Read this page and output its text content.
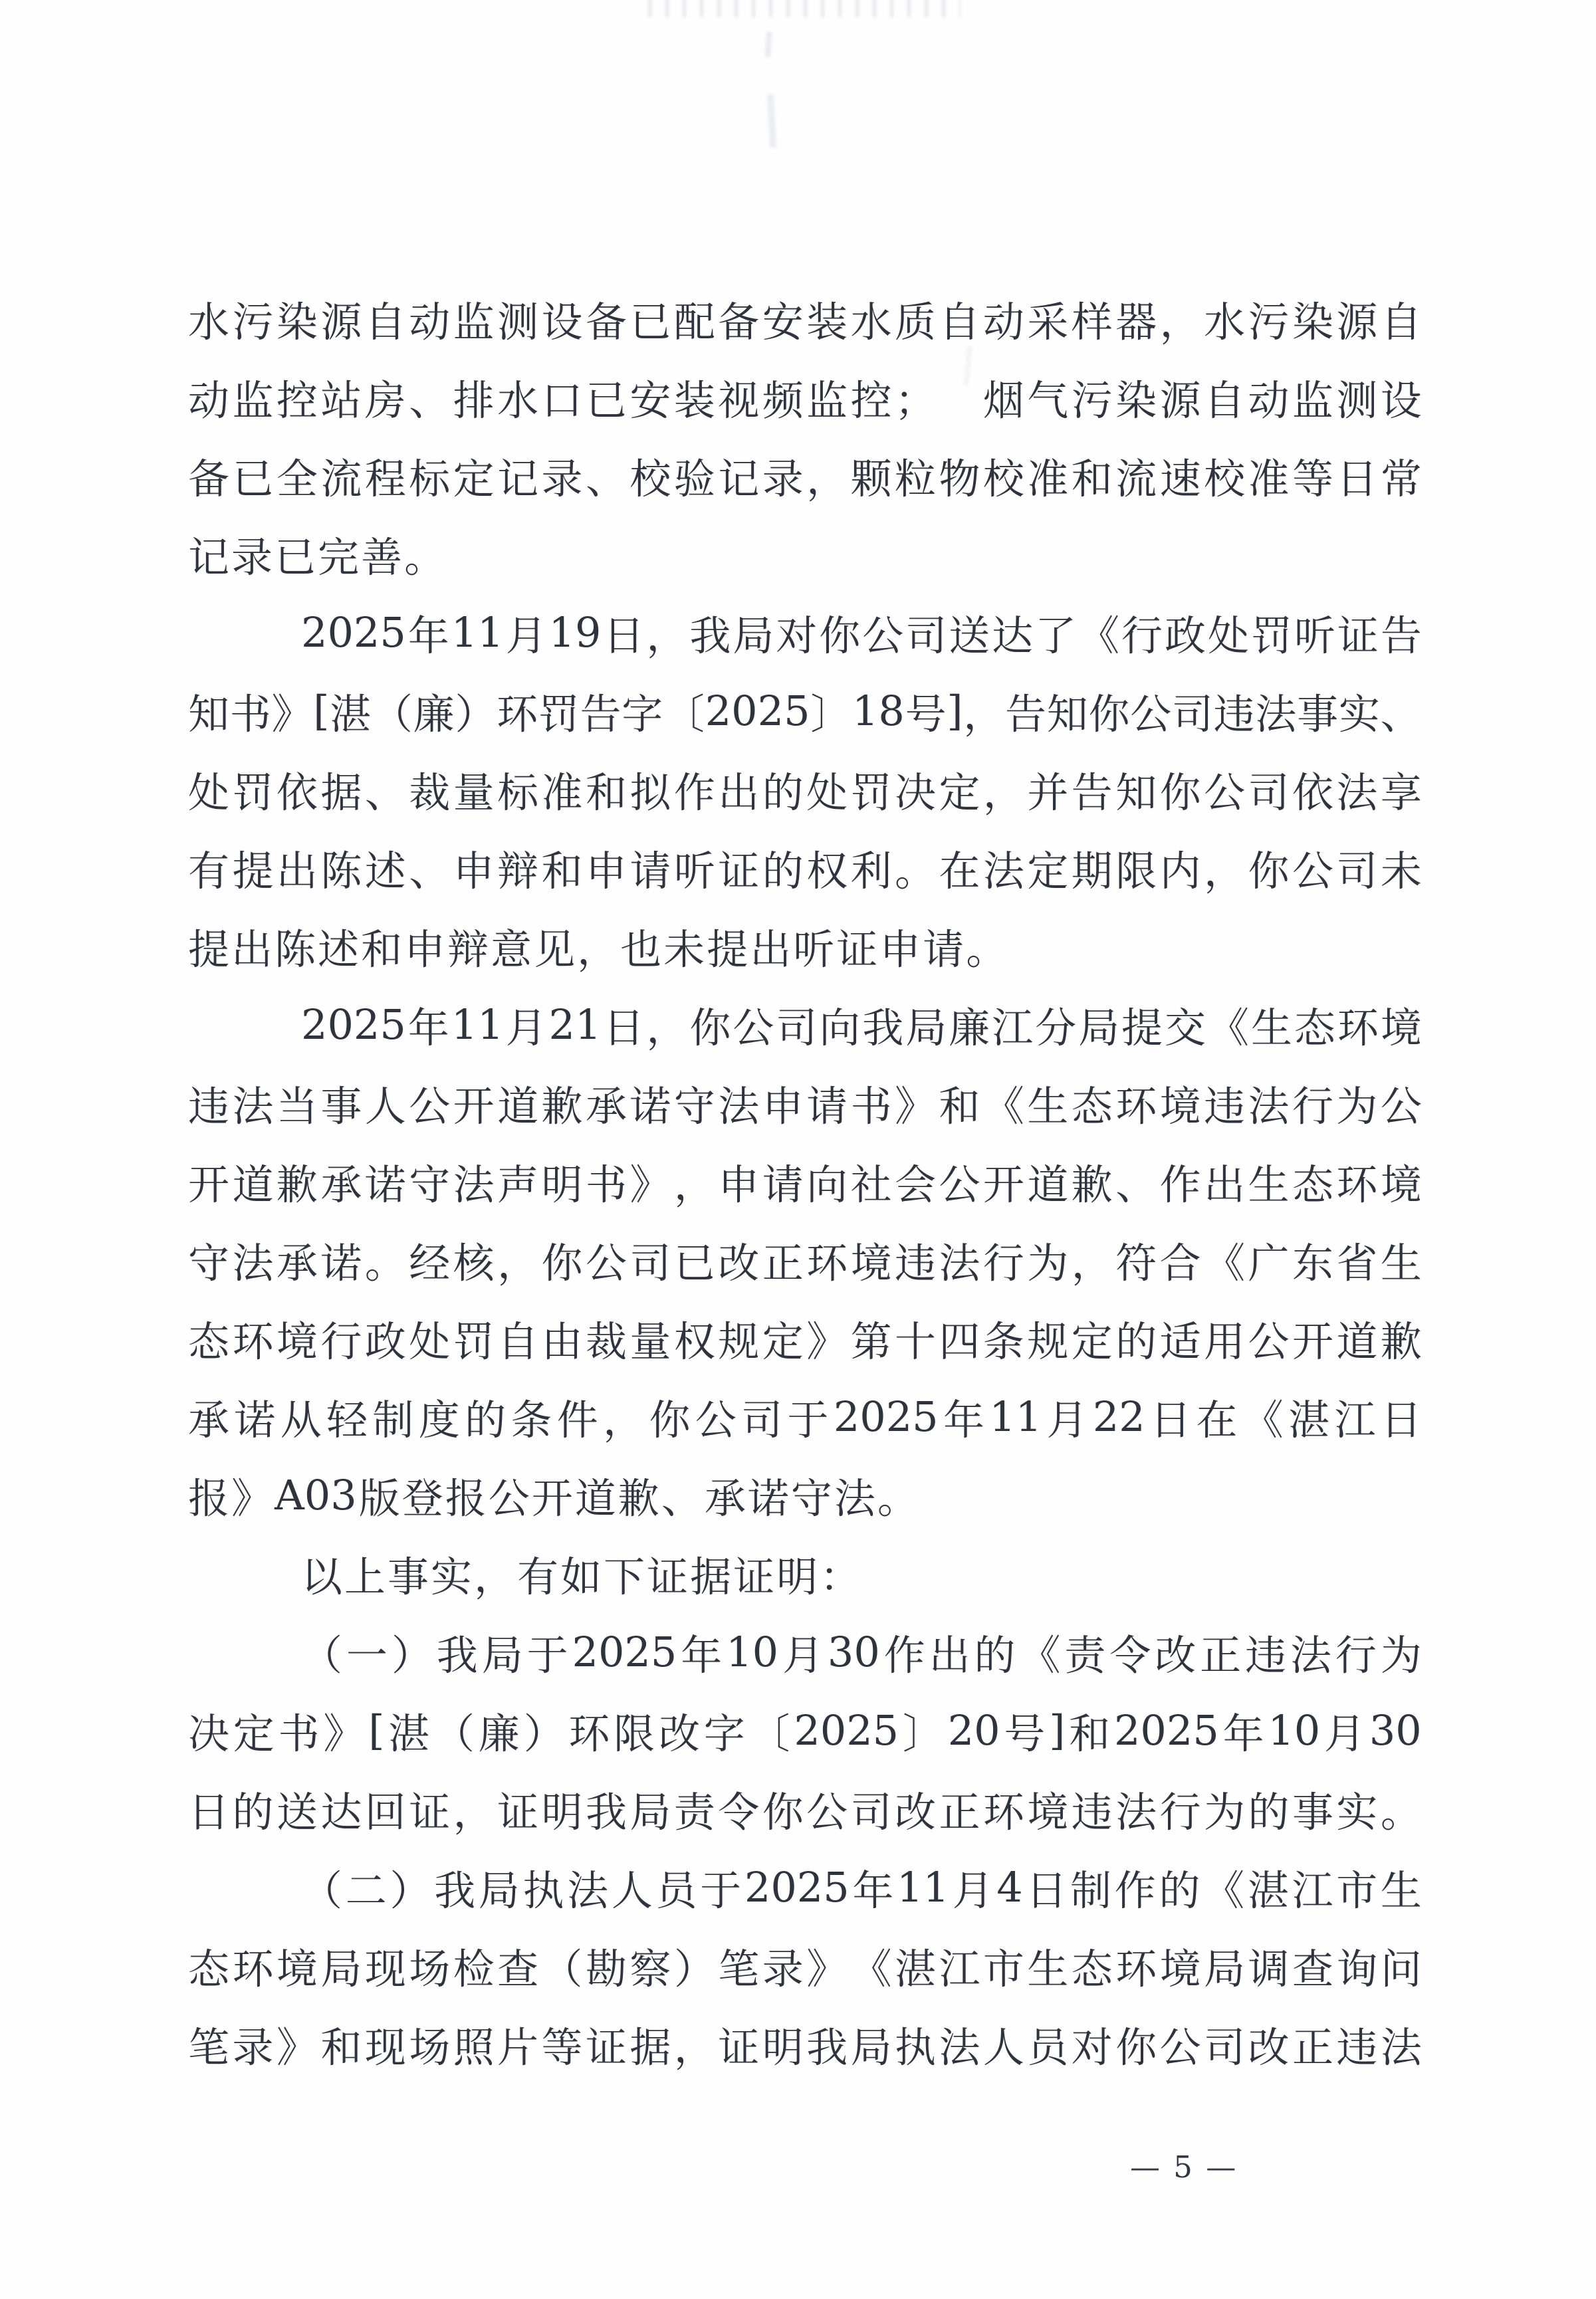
水 污 染 源 自 动 监 测 设 备 已 配 备 安 装 水 质 自 动 采 样 器 ， 水 污 染 源 自
动 监 控 站 房 、 排 水 口 已 安 装 视 频 监 控 ； 烟 气 污 染 源 自 动 监 测 设
备 已 全 流 程 标 定 记 录 、 校 验 记 录 ， 颗 粒 物 校 准 和 流 速 校 准 等 日 常
记 录 已 完 善 。
2025 年 11 月 19 日 ， 我 局 对 你 公 司 送 达 了 《 行 政 处 罚 听 证 告
知 书 》 [ 湛 （ 廉 ） 环 罚 告 字 〔 2025 〕 18 号 ] ， 告 知 你 公 司 违 法 事 实 、
处 罚 依 据 、 裁 量 标 准 和 拟 作 出 的 处 罚 决 定 ， 并 告 知 你 公 司 依 法 享
有 提 出 陈 述 、 申 辩 和 申 请 听 证 的 权 利 。 在 法 定 期 限 内 ， 你 公 司 未
提 出 陈 述 和 申 辩 意 见 ， 也 未 提 出 听 证 申 请 。
2025 年 11 月 21 日 ， 你 公 司 向 我 局 廉 江 分 局 提 交 《 生 态 环 境
违 法 当 事 人 公 开 道 歉 承 诺 守 法 申 请 书 》 和 《 生 态 环 境 违 法 行 为 公
开 道 歉 承 诺 守 法 声 明 书 》 ， 申 请 向 社 会 公 开 道 歉 、 作 出 生 态 环 境
守 法 承 诺 。 经 核 ， 你 公 司 已 改 正 环 境 违 法 行 为 ， 符 合 《 广 东 省 生
态 环 境 行 政 处 罚 自 由 裁 量 权 规 定 》 第 十 四 条 规 定 的 适 用 公 开 道 歉
承 诺 从 轻 制 度 的 条 件 ， 你 公 司 于 2025 年 11 月 22 日 在 《 湛 江 日
报 》 A03 版 登 报 公 开 道 歉 、 承 诺 守 法 。
以 上 事 实 ， 有 如 下 证 据 证 明 ：
（ 一 ） 我 局 于 2025 年 10 月 30 作 出 的 《 责 令 改 正 违 法 行 为
决 定 书 》 [ 湛 （ 廉 ） 环 限 改 字 〔 2025 〕 20 号 ] 和 2025 年 10 月 30
日 的 送 达 回 证 ， 证 明 我 局 责 令 你 公 司 改 正 环 境 违 法 行 为 的 事 实 。
（ 二 ） 我 局 执 法 人 员 于 2025 年 11 月 4 日 制 作 的 《 湛 江 市 生
态 环 境 局 现 场 检 查 （ 勘 察 ） 笔 录 》 《 湛 江 市 生 态 环 境 局 调 查 询 问
笔 录 》 和 现 场 照 片 等 证 据 ， 证 明 我 局 执 法 人 员 对 你 公 司 改 正 违 法
— 5 —
